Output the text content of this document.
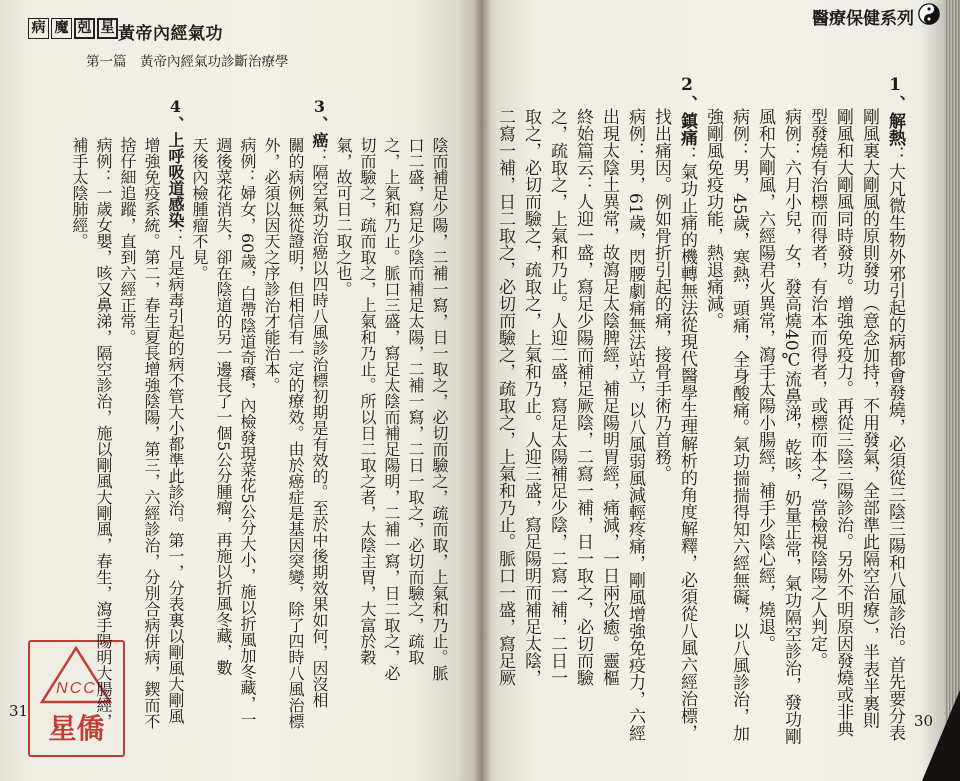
病 魔 剋 星 黃帝內經氣功
第一篇　黃帝內經氣功診斷治療學
醫療保健系列
陰而補足少陽，二補一寫，日一取之，必切而驗之，疏而取，上氣和乃止。脈
口二盛，寫足少陰而補足太陽，二補一寫，二日一取之，必切而驗之，疏取
之，上氣和乃止。脈口三盛，寫足太陰而補足陽明，二補一寫，日二取之，必
切而驗之，疏而取之，上氣和乃止。所以日二取之者，太陰主胃，大富於穀
氣，故可日二取之也。
3、癌：隔空氣功治癌以四時八風診治標初期是有效的。至於中後期效果如何，因沒相
關的病例無從證明，但相信有一定的療效。由於癌症是基因突變，除了四時八風治標
外，必須以因天之序診治才能治本。
病例：婦女，60歲，白帶陰道奇癢，內檢發現菜花5公分大小，施以折風加冬藏，一
週後菜花消失，卻在陰道的另一邊長了一個5公分腫瘤，再施以折風冬藏，數
天後內檢腫瘤不見。
4、上呼吸道感染：凡是病毒引起的病不管大小都準此診治。第一，分表裏以剛風大剛風
增強免疫系統。第二，春生夏長增強陰陽，第三，六經診治，分別合病併病，鍥而不
捨仔細追蹤，直到六經正常。
病例：一歲女嬰，咳又鼻涕，隔空診治，施以剛風大剛風，春生，瀉手陽明大腸經，
補手太陰肺經。
1、解熱：大凡微生物外邪引起的病都會發燒，必須從三陰三陽和八風診治。首先要分表
剛風裏大剛風的原則發功（意念加持，不用發氣，全部準此隔空治療），半表半裏則
剛風和大剛風同時發功。增強免疫力。再從三陰三陽診治。另外不明原因發燒或非典
型發燒有治標而得者，有治本而得者，或標而本之，當檢視陰陽之人判定。
病例：六月小兒，女，發高燒40℃流鼻涕，乾咳，奶量正常，氣功隔空診治，發功剛
風和大剛風，六經陽君火異常，瀉手太陽小腸經，補手少陰心經，燒退。
病例：男，45歲，寒熱，頭痛，全身酸痛。氣功揣揣得知六經無礙，以八風診治，加
強剛風免疫功能，熱退痛減。
2、鎮痛：氣功止痛的機轉無法從現代醫學生理解析的角度解釋，必須從八風六經治標，
找出痛因。例如骨折引起的痛，接骨手術乃首務。
病例：男，61歲，閃腰劇痛無法站立，以八風弱風減輕疼痛，剛風增強免疫力，六經
出現太陰土異常，故瀉足太陰脾經，補足陽明胃經，痛減，一日兩次癒。靈樞
終始篇云：人迎一盛，寫足少陽而補足厥陰，二寫一補，日一取之，必切而驗
之，疏取之，上氣和乃止。人迎二盛，寫足太陽補足少陰，二寫一補，二日一
取之，必切而驗之，疏取之，上氣和乃止。人迎三盛，寫足陽明而補足太陰，
二寫一補，日二取之，必切而驗之，疏取之，上氣和乃止。脈口一盛，寫足厥
31
30
NCC
星僑
